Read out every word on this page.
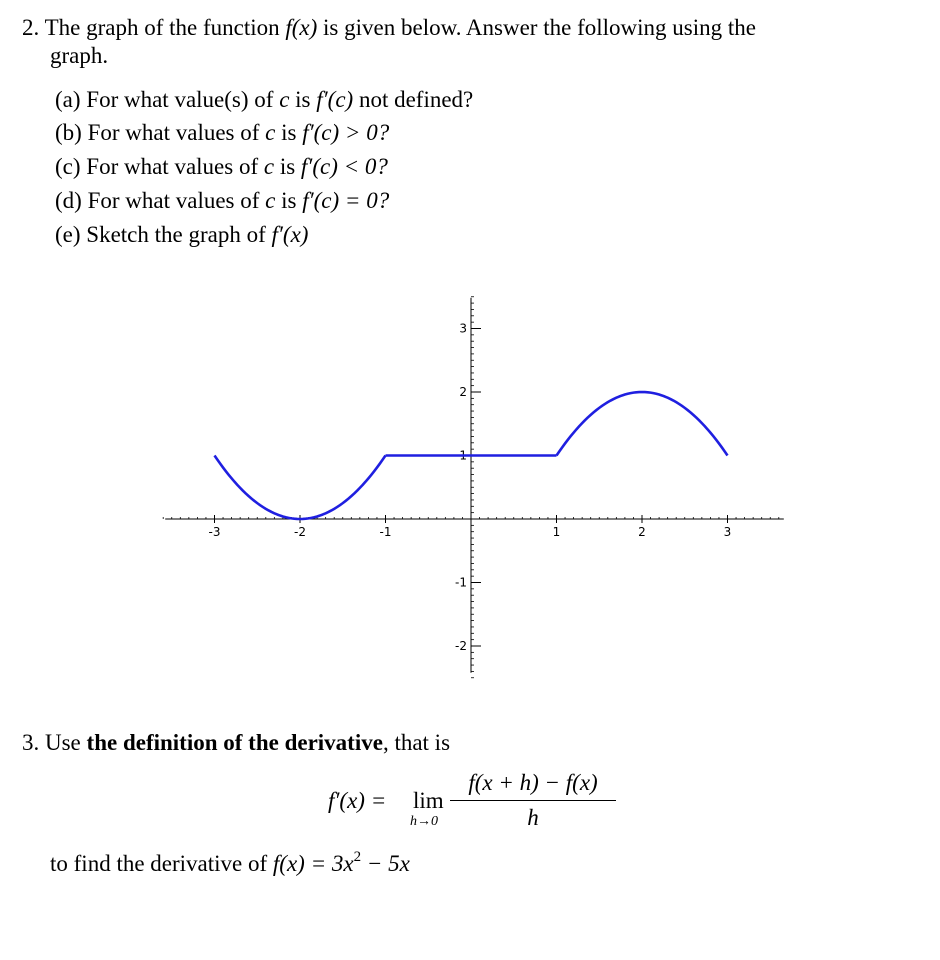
2. The graph of the function f(x) is given below. Answer the following using the
graph.
(a) For what value(s) of c is f′(c) not defined?
(b) For what values of c is f′(c) > 0?
(c) For what values of c is f′(c) < 0?
(d) For what values of c is f′(c) = 0?
(e) Sketch the graph of f′(x)
-3	-2	-1	1	2	3
-2
-1
1
2
3
3. Use the definition of the derivative, that is
f′(x) = lim
h→0
f(x + h) − f(x)
h
to find the derivative of $f(x) = 3x^2 - 5x$
